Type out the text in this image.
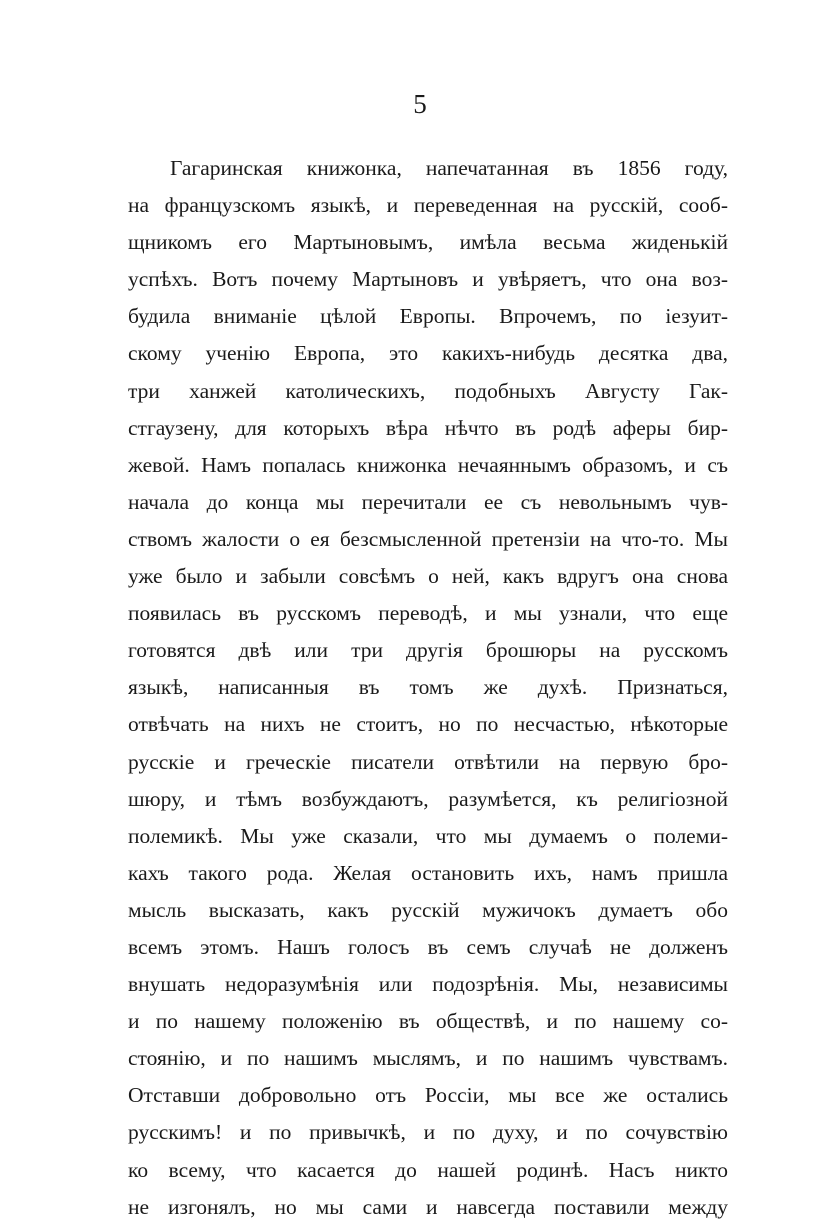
5
Гагаринская книжонка, напечатанная въ 1856 году,
на французскомъ языкѣ, и переведенная на русскій, сооб-
щникомъ его Мартыновымъ, имѣла весьма жиденькій
успѣхъ. Вотъ почему Мартыновъ и увѣряетъ, что она воз-
будила вниманіе цѣлой Европы. Впрочемъ, по іезуит-
скому ученію Европа, это какихъ-нибудь десятка два,
три ханжей католическихъ, подобныхъ Августу Гак-
стгаузену, для которыхъ вѣра нѣчто въ родѣ аферы бир-
жевой. Намъ попалась книжонка нечаяннымъ образомъ, и съ
начала до конца мы перечитали ее съ невольнымъ чув-
ствомъ жалости о ея безсмысленной претензіи на что-то. Мы
уже было и забыли совсѣмъ о ней, какъ вдругъ она снова
появилась въ русскомъ переводѣ, и мы узнали, что еще
готовятся двѣ или три другія брошюры на русскомъ
языкѣ, написанныя въ томъ же духѣ. Признаться,
отвѣчать на нихъ не стоитъ, но по несчастью, нѣкоторые
русскіе и греческіе писатели отвѣтили на первую бро-
шюру, и тѣмъ возбуждаютъ, разумѣется, къ религіозной
полемикѣ. Мы уже сказали, что мы думаемъ о полеми-
кахъ такого рода. Желая остановить ихъ, намъ пришла
мысль высказать, какъ русскій мужичокъ думаетъ обо
всемъ этомъ. Нашъ голосъ въ семъ случаѣ не долженъ
внушать недоразумѣнія или подозрѣнія. Мы, независимы
и по нашему положенію въ обществѣ, и по нашему со-
стоянію, и по нашимъ мыслямъ, и по нашимъ чувствамъ.
Отставши добровольно отъ Россіи, мы все же остались
русскимъ! и по привычкѣ, и по духу, и по сочувствію
ко всему, что касается до нашей родинѣ. Насъ никто
не изгонялъ, но мы сами и навсегда поставили между
